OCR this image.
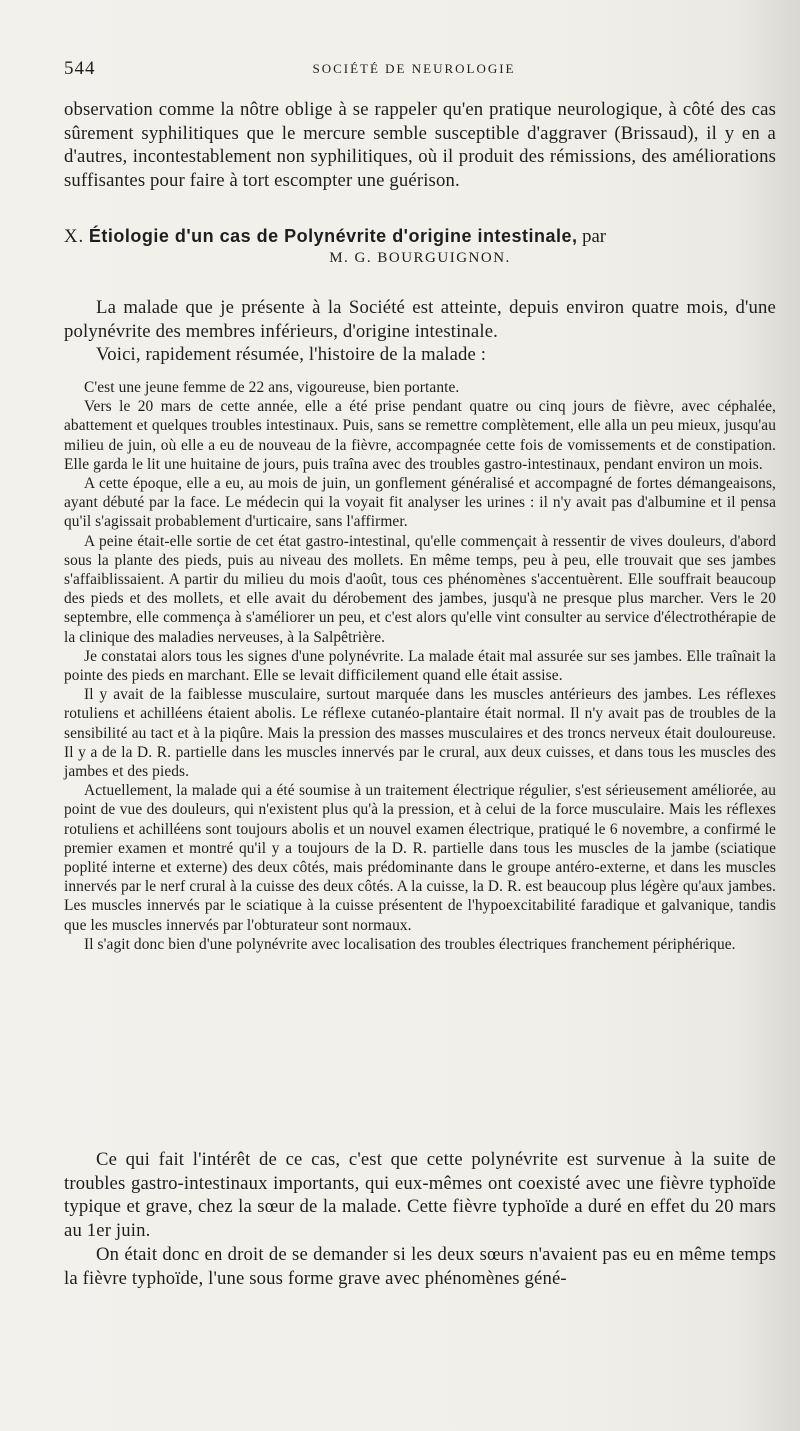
544	SOCIÉTÉ DE NEUROLOGIE

observation comme la nôtre oblige à se rappeler qu'en pratique neurologique, à côté des cas sûrement syphilitiques que le mercure semble susceptible d'aggraver (Brissaud), il y en a d'autres, incontestablement non syphilitiques, où il produit des rémissions, des améliorations suffisantes pour faire à tort escompter une guérison.

X. Étiologie d'un cas de Polynévrite d'origine intestinale, par

M. G. BOURGUIGNON.

La malade que je présente à la Société est atteinte, depuis environ quatre mois, d'une polynévrite des membres inférieurs, d'origine intestinale.

Voici, rapidement résumée, l'histoire de la malade :

C'est une jeune femme de 22 ans, vigoureuse, bien portante.

Vers le 20 mars de cette année, elle a été prise pendant quatre ou cinq jours de fièvre, avec céphalée, abattement et quelques troubles intestinaux. Puis, sans se remettre complètement, elle alla un peu mieux, jusqu'au milieu de juin, où elle a eu de nouveau de la fièvre, accompagnée cette fois de vomissements et de constipation. Elle garda le lit une huitaine de jours, puis traîna avec des troubles gastro-intestinaux, pendant environ un mois.

A cette époque, elle a eu, au mois de juin, un gonflement généralisé et accompagné de fortes démangeaisons, ayant débuté par la face. Le médecin qui la voyait fit analyser les urines : il n'y avait pas d'albumine et il pensa qu'il s'agissait probablement d'urticaire, sans l'affirmer.

A peine était-elle sortie de cet état gastro-intestinal, qu'elle commençait à ressentir de vives douleurs, d'abord sous la plante des pieds, puis au niveau des mollets. En même temps, peu à peu, elle trouvait que ses jambes s'affaiblissaient. A partir du milieu du mois d'août, tous ces phénomènes s'accentuèrent. Elle souffrait beaucoup des pieds et des mollets, et elle avait du dérobement des jambes, jusqu'à ne presque plus marcher. Vers le 20 septembre, elle commença à s'améliorer un peu, et c'est alors qu'elle vint consulter au service d'électrothérapie de la clinique des maladies nerveuses, à la Salpêtrière.

Je constatai alors tous les signes d'une polynévrite. La malade était mal assurée sur ses jambes. Elle traînait la pointe des pieds en marchant. Elle se levait difficilement quand elle était assise.

Il y avait de la faiblesse musculaire, surtout marquée dans les muscles antérieurs des jambes. Les réflexes rotuliens et achilléens étaient abolis. Le réflexe cutanéo-plantaire était normal. Il n'y avait pas de troubles de la sensibilité au tact et à la piqûre. Mais la pression des masses musculaires et des troncs nerveux était douloureuse. Il y a de la D. R. partielle dans les muscles innervés par le crural, aux deux cuisses, et dans tous les muscles des jambes et des pieds.

Actuellement, la malade qui a été soumise à un traitement électrique régulier, s'est sérieusement améliorée, au point de vue des douleurs, qui n'existent plus qu'à la pression, et à celui de la force musculaire. Mais les réflexes rotuliens et achilléens sont toujours abolis et un nouvel examen électrique, pratiqué le 6 novembre, a confirmé le premier examen et montré qu'il y a toujours de la D. R. partielle dans tous les muscles de la jambe (sciatique poplité interne et externe) des deux côtés, mais prédominante dans le groupe antéro-externe, et dans les muscles innervés par le nerf crural à la cuisse des deux côtés. A la cuisse, la D. R. est beaucoup plus légère qu'aux jambes. Les muscles innervés par le sciatique à la cuisse présentent de l'hypoexcitabilité faradique et galvanique, tandis que les muscles innervés par l'obturateur sont normaux.

Il s'agit donc bien d'une polynévrite avec localisation des troubles électriques franchement périphérique.

Ce qui fait l'intérêt de ce cas, c'est que cette polynévrite est survenue à la suite de troubles gastro-intestinaux importants, qui eux-mêmes ont coexisté avec une fièvre typhoïde typique et grave, chez la sœur de la malade. Cette fièvre typhoïde a duré en effet du 20 mars au 1er juin.

On était donc en droit de se demander si les deux sœurs n'avaient pas eu en même temps la fièvre typhoïde, l'une sous forme grave avec phénomènes géné-
